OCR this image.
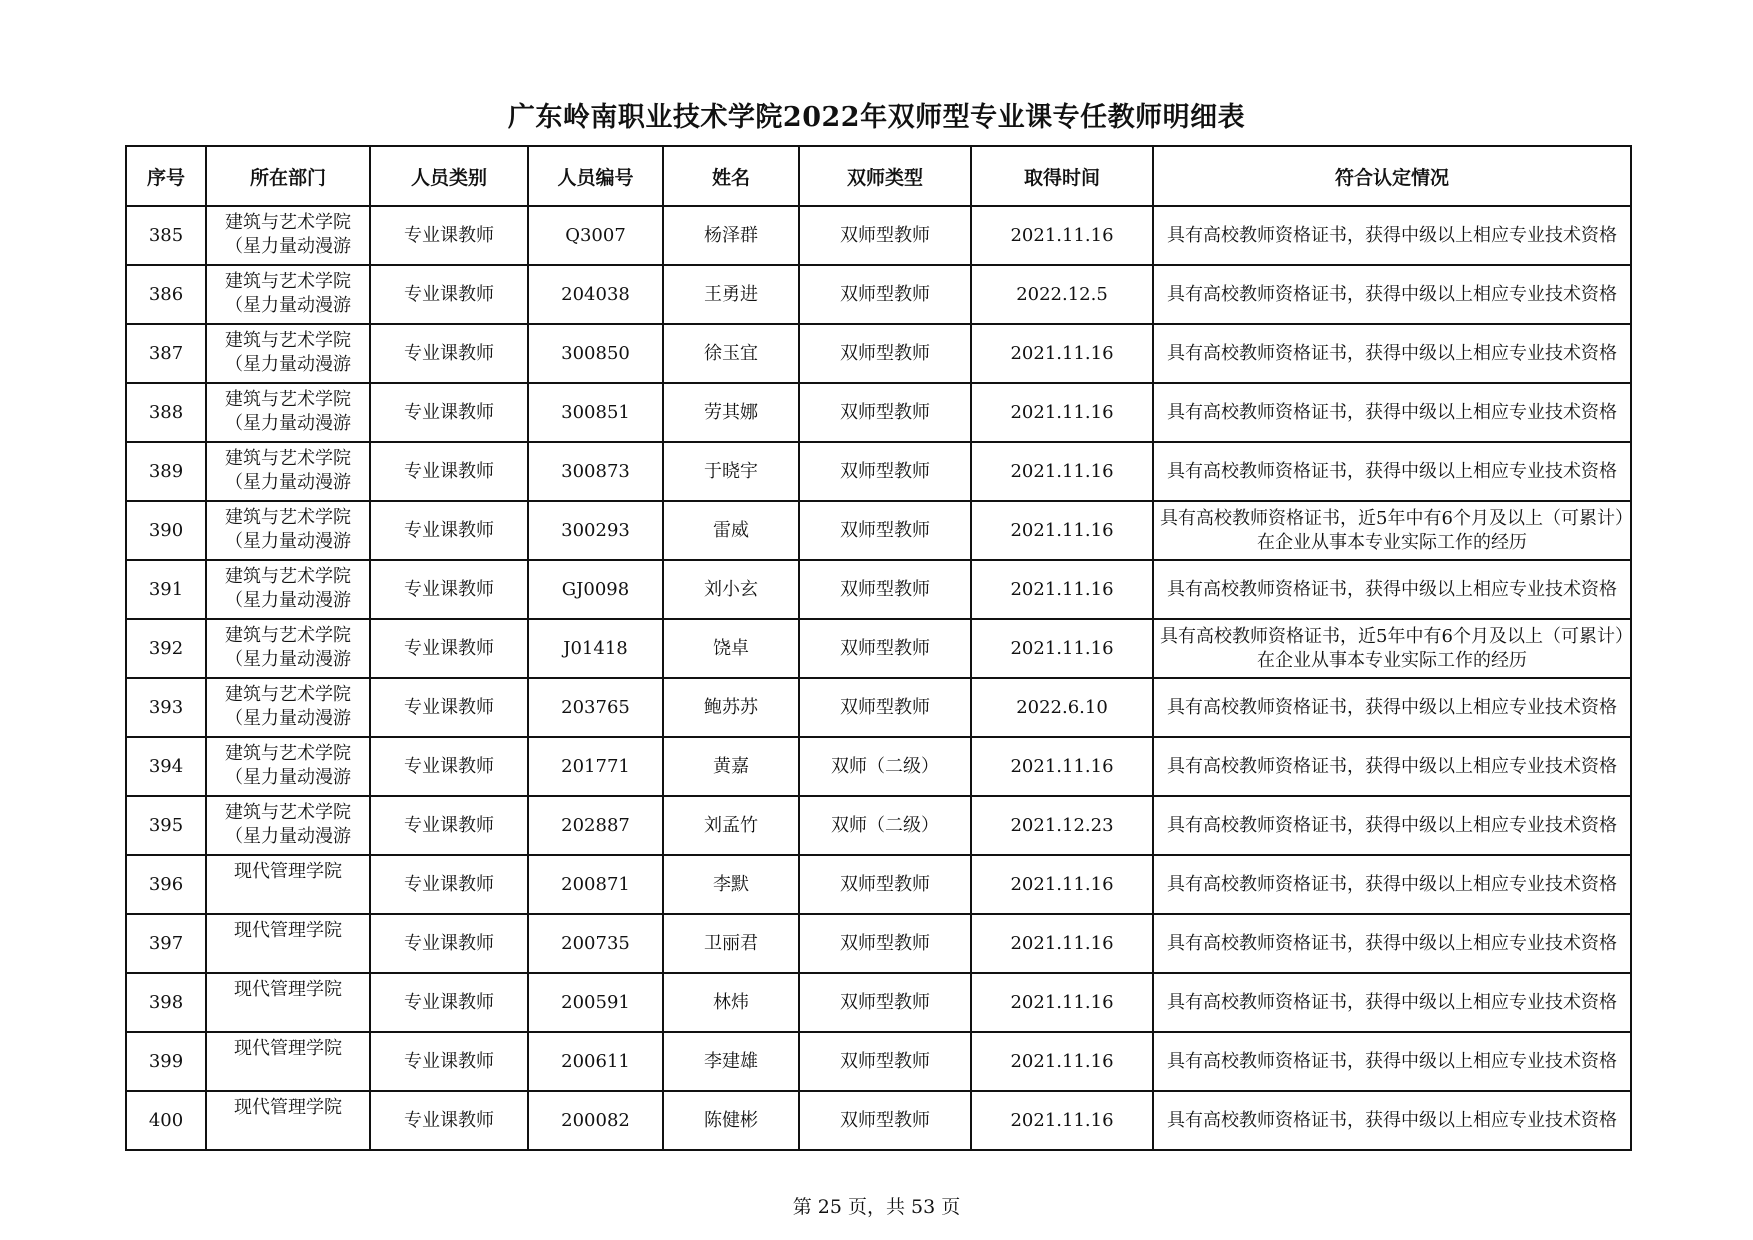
广东岭南职业技术学院2022年双师型专业课专任教师明细表
序号	所在部门	人员类别	人员编号	姓名	双师类型	取得时间	符合认定情况
385	建筑与艺术学院（星力量动漫游	专业课教师	Q3007	杨泽群	双师型教师	2021.11.16	具有高校教师资格证书，获得中级以上相应专业技术资格
386	建筑与艺术学院（星力量动漫游	专业课教师	204038	王勇进	双师型教师	2022.12.5	具有高校教师资格证书，获得中级以上相应专业技术资格
387	建筑与艺术学院（星力量动漫游	专业课教师	300850	徐玉宜	双师型教师	2021.11.16	具有高校教师资格证书，获得中级以上相应专业技术资格
388	建筑与艺术学院（星力量动漫游	专业课教师	300851	劳其娜	双师型教师	2021.11.16	具有高校教师资格证书，获得中级以上相应专业技术资格
389	建筑与艺术学院（星力量动漫游	专业课教师	300873	于晓宇	双师型教师	2021.11.16	具有高校教师资格证书，获得中级以上相应专业技术资格
390	建筑与艺术学院（星力量动漫游	专业课教师	300293	雷威	双师型教师	2021.11.16	具有高校教师资格证书，近5年中有6个月及以上（可累计）在企业从事本专业实际工作的经历
391	建筑与艺术学院（星力量动漫游	专业课教师	GJ0098	刘小玄	双师型教师	2021.11.16	具有高校教师资格证书，获得中级以上相应专业技术资格
392	建筑与艺术学院（星力量动漫游	专业课教师	J01418	饶卓	双师型教师	2021.11.16	具有高校教师资格证书，近5年中有6个月及以上（可累计）在企业从事本专业实际工作的经历
393	建筑与艺术学院（星力量动漫游	专业课教师	203765	鲍苏苏	双师型教师	2022.6.10	具有高校教师资格证书，获得中级以上相应专业技术资格
394	建筑与艺术学院（星力量动漫游	专业课教师	201771	黄嘉	双师（二级）	2021.11.16	具有高校教师资格证书，获得中级以上相应专业技术资格
395	建筑与艺术学院（星力量动漫游	专业课教师	202887	刘孟竹	双师（二级）	2021.12.23	具有高校教师资格证书，获得中级以上相应专业技术资格
396	现代管理学院	专业课教师	200871	李默	双师型教师	2021.11.16	具有高校教师资格证书，获得中级以上相应专业技术资格
397	现代管理学院	专业课教师	200735	卫丽君	双师型教师	2021.11.16	具有高校教师资格证书，获得中级以上相应专业技术资格
398	现代管理学院	专业课教师	200591	林炜	双师型教师	2021.11.16	具有高校教师资格证书，获得中级以上相应专业技术资格
399	现代管理学院	专业课教师	200611	李建雄	双师型教师	2021.11.16	具有高校教师资格证书，获得中级以上相应专业技术资格
400	现代管理学院	专业课教师	200082	陈健彬	双师型教师	2021.11.16	具有高校教师资格证书，获得中级以上相应专业技术资格
第 25 页，共 53 页
